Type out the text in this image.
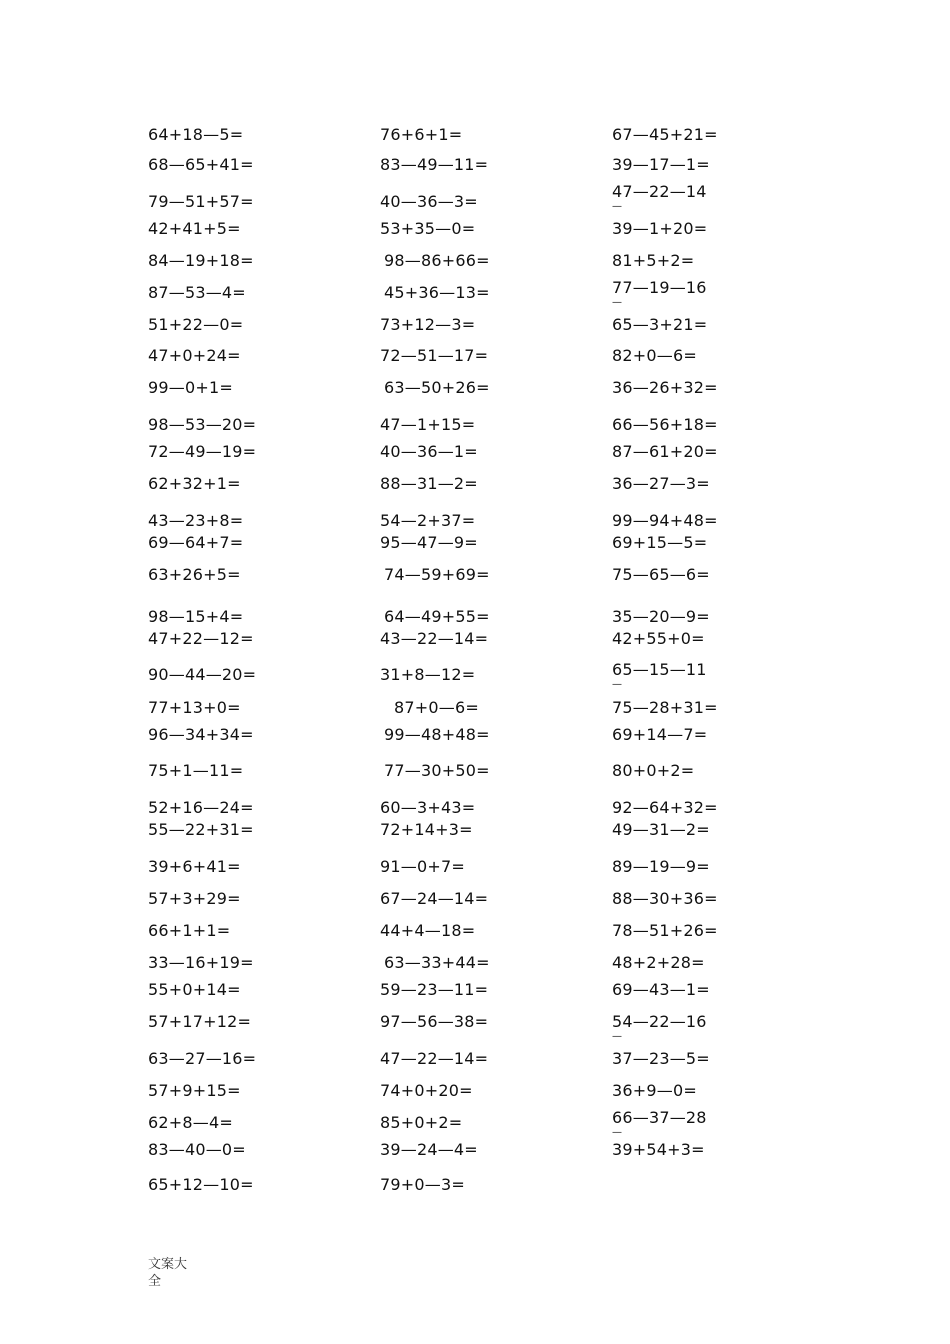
64+18—5=
68—65+41=
79—51+57=
42+41+5=
84—19+18=
87—53—4=
51+22—0=
47+0+24=
99—0+1=
98—53—20=
72—49—19=
62+32+1=
43—23+8=
69—64+7=
63+26+5=
98—15+4=
47+22—12=
90—44—20=
77+13+0=
96—34+34=
75+1—11=
52+16—24=
55—22+31=
39+6+41=
57+3+29=
66+1+1=
33—16+19=
55+0+14=
57+17+12=
63—27—16=
57+9+15=
62+8—4=
83—40—0=
65+12—10=
76+6+1=
83—49—11=
40—36—3=
53+35—0=
98—86+66=
45+36—13=
73+12—3=
72—51—17=
63—50+26=
47—1+15=
40—36—1=
88—31—2=
54—2+37=
95—47—9=
74—59+69=
64—49+55=
43—22—14=
31+8—12=
87+0—6=
99—48+48=
77—30+50=
60—3+43=
72+14+3=
91—0+7=
67—24—14=
44+4—18=
63—33+44=
59—23—11=
97—56—38=
47—22—14=
74+0+20=
85+0+2=
39—24—4=
79+0—3=
67—45+21=
39—17—1=
47—22—14
—
39—1+20=
81+5+2=
77—19—16
—
65—3+21=
82+0—6=
36—26+32=
66—56+18=
87—61+20=
36—27—3=
99—94+48=
69+15—5=
75—65—6=
35—20—9=
42+55+0=
65—15—11
—
75—28+31=
69+14—7=
80+0+2=
92—64+32=
49—31—2=
89—19—9=
88—30+36=
78—51+26=
48+2+28=
69—43—1=
54—22—16
—
37—23—5=
36+9—0=
66—37—28
—
39+54+3=
文案大全
